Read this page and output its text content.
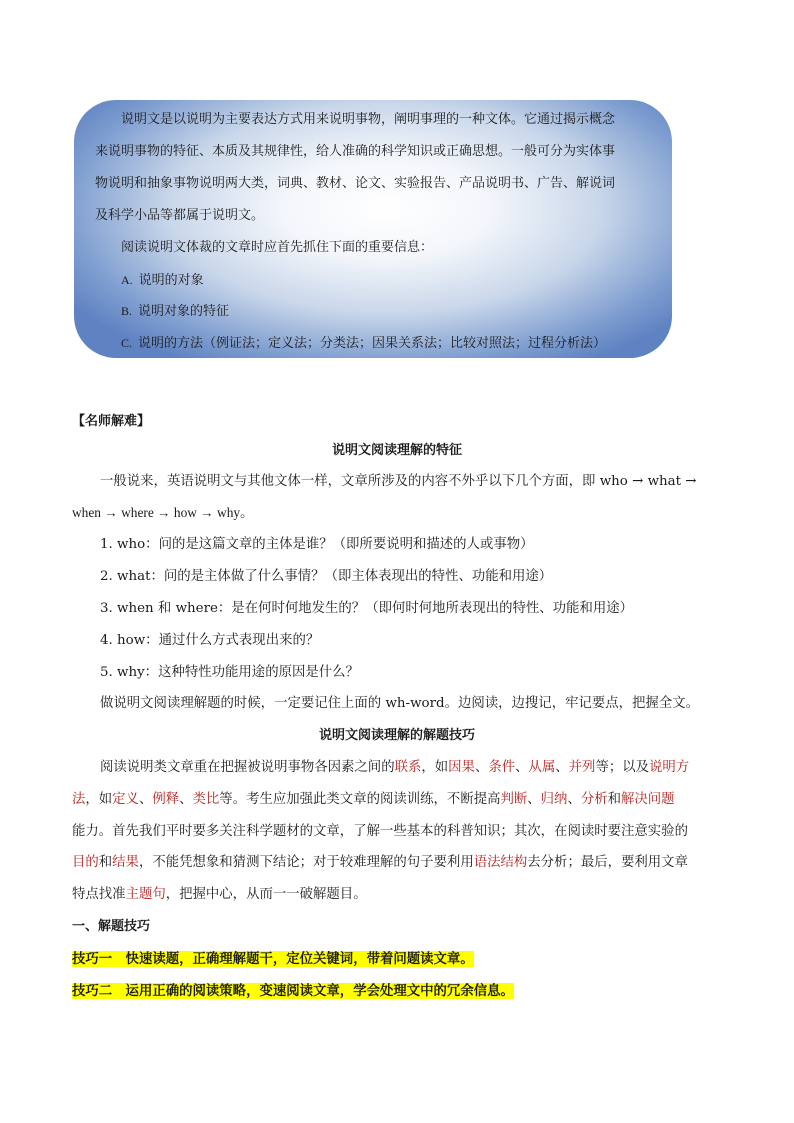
说明文是以说明为主要表达方式用来说明事物，阐明事理的一种文体。它通过揭示概念
来说明事物的特征、本质及其规律性，给人准确的科学知识或正确思想。一般可分为实体事
物说明和抽象事物说明两大类，词典、教材、论文、实验报告、产品说明书、广告、解说词
及科学小品等都属于说明文。
阅读说明文体裁的文章时应首先抓住下面的重要信息：
A. 说明的对象
B. 说明对象的特征
C. 说明的方法（例证法；定义法；分类法；因果关系法；比较对照法；过程分析法）
【名师解难】
说明文阅读理解的特征
一般说来，英语说明文与其他文体一样，文章所涉及的内容不外乎以下几个方面，即 who → what →
when → where → how → why。
1. who：问的是这篇文章的主体是谁？（即所要说明和描述的人或事物）
2. what：问的是主体做了什么事情？（即主体表现出的特性、功能和用途）
3. when 和 where：是在何时何地发生的？（即何时何地所表现出的特性、功能和用途）
4. how：通过什么方式表现出来的？
5. why：这种特性功能用途的原因是什么？
做说明文阅读理解题的时候，一定要记住上面的 wh-word。边阅读，边搜记，牢记要点，把握全文。
说明文阅读理解的解题技巧
阅读说明类文章重在把握被说明事物各因素之间的联系，如因果、条件、从属、并列等；以及说明方
法，如定义、例释、类比等。考生应加强此类文章的阅读训练，不断提高判断、归纳、分析和解决问题
能力。首先我们平时要多关注科学题材的文章，了解一些基本的科普知识；其次，在阅读时要注意实验的
目的和结果，不能凭想象和猜测下结论；对于较难理解的句子要利用语法结构去分析；最后，要利用文章
特点找准主题句，把握中心，从而一一破解题目。
一、解题技巧
技巧一　快速读题，正确理解题干，定位关键词，带着问题读文章。
技巧二　运用正确的阅读策略，变速阅读文章，学会处理文中的冗余信息。
